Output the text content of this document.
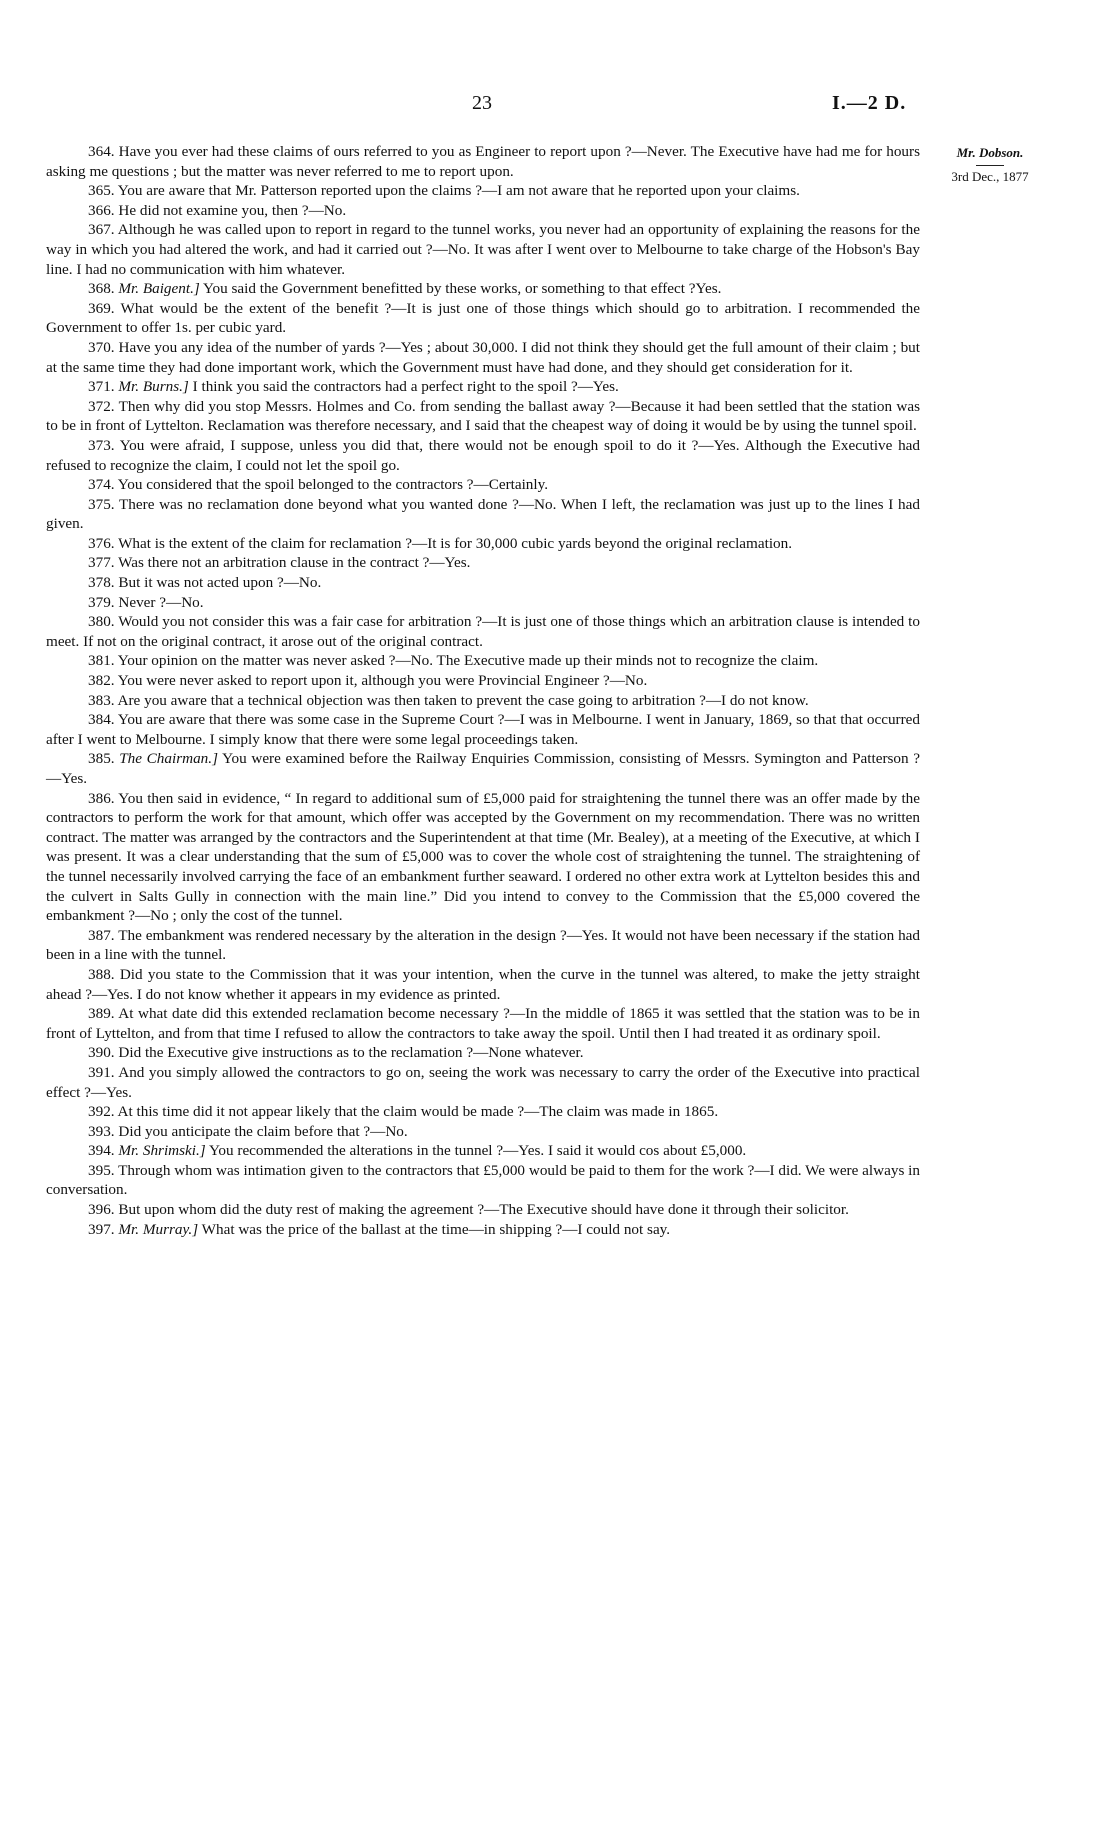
23	I.—2 D.
Mr. Dobson.
3rd Dec., 1877

364. Have you ever had these claims of ours referred to you as Engineer to report upon ?—Never. The Executive have had me for hours asking me questions ; but the matter was never referred to me to report upon.

365. You are aware that Mr. Patterson reported upon the claims ?—I am not aware that he reported upon your claims.

366. He did not examine you, then ?—No.

367. Although he was called upon to report in regard to the tunnel works, you never had an opportunity of explaining the reasons for the way in which you had altered the work, and had it carried out ?—No. It was after I went over to Melbourne to take charge of the Hobson's Bay line. I had no communication with him whatever.

368. Mr. Baigent.] You said the Government benefitted by these works, or something to that effect ?Yes.

369. What would be the extent of the benefit ?—It is just one of those things which should go to arbitration. I recommended the Government to offer 1s. per cubic yard.

370. Have you any idea of the number of yards ?—Yes ; about 30,000. I did not think they should get the full amount of their claim ; but at the same time they had done important work, which the Government must have had done, and they should get consideration for it.

371. Mr. Burns.] I think you said the contractors had a perfect right to the spoil ?—Yes.

372. Then why did you stop Messrs. Holmes and Co. from sending the ballast away ?—Because it had been settled that the station was to be in front of Lyttelton. Reclamation was therefore necessary, and I said that the cheapest way of doing it would be by using the tunnel spoil.

373. You were afraid, I suppose, unless you did that, there would not be enough spoil to do it ?—Yes. Although the Executive had refused to recognize the claim, I could not let the spoil go.

374. You considered that the spoil belonged to the contractors ?—Certainly.

375. There was no reclamation done beyond what you wanted done ?—No. When I left, the reclamation was just up to the lines I had given.

376. What is the extent of the claim for reclamation ?—It is for 30,000 cubic yards beyond the original reclamation.

377. Was there not an arbitration clause in the contract ?—Yes.

378. But it was not acted upon ?—No.

379. Never ?—No.

380. Would you not consider this was a fair case for arbitration ?—It is just one of those things which an arbitration clause is intended to meet. If not on the original contract, it arose out of the original contract.

381. Your opinion on the matter was never asked ?—No. The Executive made up their minds not to recognize the claim.

382. You were never asked to report upon it, although you were Provincial Engineer ?—No.

383. Are you aware that a technical objection was then taken to prevent the case going to arbitration ?—I do not know.

384. You are aware that there was some case in the Supreme Court ?—I was in Melbourne. I went in January, 1869, so that that occurred after I went to Melbourne. I simply know that there were some legal proceedings taken.

385. The Chairman.] You were examined before the Railway Enquiries Commission, consisting of Messrs. Symington and Patterson ?—Yes.

386. You then said in evidence, “ In regard to additional sum of £5,000 paid for straightening the tunnel there was an offer made by the contractors to perform the work for that amount, which offer was accepted by the Government on my recommendation. There was no written contract. The matter was arranged by the contractors and the Superintendent at that time (Mr. Bealey), at a meeting of the Executive, at which I was present. It was a clear understanding that the sum of £5,000 was to cover the whole cost of straightening the tunnel. The straightening of the tunnel necessarily involved carrying the face of an embankment further seaward. I ordered no other extra work at Lyttelton besides this and the culvert in Salts Gully in connection with the main line.” Did you intend to convey to the Commission that the £5,000 covered the embankment ?—No ; only the cost of the tunnel.

387. The embankment was rendered necessary by the alteration in the design ?—Yes. It would not have been necessary if the station had been in a line with the tunnel.

388. Did you state to the Commission that it was your intention, when the curve in the tunnel was altered, to make the jetty straight ahead ?—Yes. I do not know whether it appears in my evidence as printed.

389. At what date did this extended reclamation become necessary ?—In the middle of 1865 it was settled that the station was to be in front of Lyttelton, and from that time I refused to allow the contractors to take away the spoil. Until then I had treated it as ordinary spoil.

390. Did the Executive give instructions as to the reclamation ?—None whatever.

391. And you simply allowed the contractors to go on, seeing the work was necessary to carry the order of the Executive into practical effect ?—Yes.

392. At this time did it not appear likely that the claim would be made ?—The claim was made in 1865.

393. Did you anticipate the claim before that ?—No.

394. Mr. Shrimski.] You recommended the alterations in the tunnel ?—Yes. I said it would cos about £5,000.

395. Through whom was intimation given to the contractors that £5,000 would be paid to them for the work ?—I did. We were always in conversation.

396. But upon whom did the duty rest of making the agreement ?—The Executive should have done it through their solicitor.

397. Mr. Murray.] What was the price of the ballast at the time—in shipping ?—I could not say.
